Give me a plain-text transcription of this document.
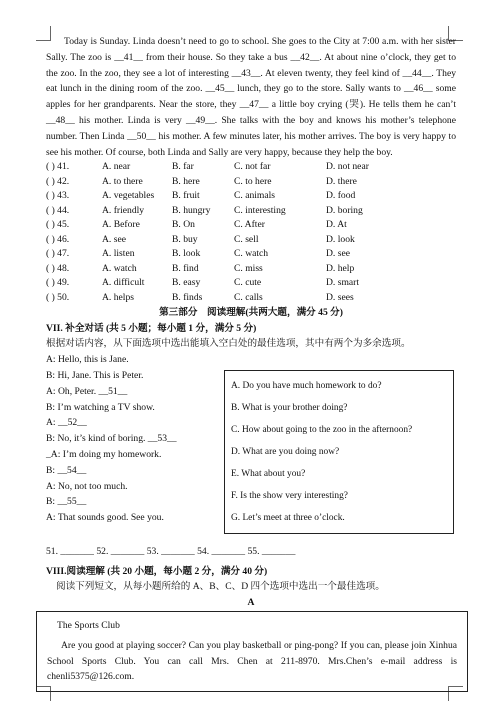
Today is Sunday. Linda doesn’t need to go to school. She goes to the City at 7:00 a.m. with her sister Sally. The zoo is __41__ from their house. So they take a bus __42__. At about nine o’clock, they get to the zoo. In the zoo, they see a lot of interesting __43__. At eleven twenty, they feel kind of __44__. They eat lunch in the dining room of the zoo. __45__ lunch, they go to the store. Sally wants to __46__ some apples for her grandparents. Near the store, they __47__ a little boy crying (哭). He tells them he can’t __48__ his mother. Linda is very __49__. She talks with the boy and knows his mother’s telephone number. Then Linda __50__ his mother. A few minutes later, his mother arrives. The boy is very happy to see his mother. Of course, both Linda and Sally are very happy, because they help the boy.

( ) 41.	A. near	B. far	C. not far	D. not near
( ) 42.	A. to there	B. here	C. to here	D. there
( ) 43.	A. vegetables	B. fruit	C. animals	D. food
( ) 44.	A. friendly	B. hungry	C. interesting	D. boring
( ) 45.	A. Before	B. On	C. After	D. At
( ) 46.	A. see	B. buy	C. sell	D. look
( ) 47.	A. listen	B. look	C. watch	D. see
( ) 48.	A. watch	B. find	C. miss	D. help
( ) 49.	A. difficult	B. easy	C. cute	D. smart
( ) 50.	A. helps	B. finds	C. calls	D. sees
第三部分　阅读理解(共两大题，满分 45 分)
VII. 补全对话 (共 5 小题；每小题 1 分，满分 5 分)
根据对话内容，从下面选项中选出能填入空白处的最佳选项，其中有两个为多余选项。
A: Hello, this is Jane.
B: Hi, Jane. This is Peter.
A: Oh, Peter. __51__
B: I’m watching a TV show.
A: __52__
B: No, it’s kind of boring. __53__
_A: I’m doing my homework.
B: __54__
A: No, not too much.
B: __55__
A: That sounds good. See you.
A. Do you have much homework to do?
B. What is your brother doing?
C. How about going to the zoo in the afternoon?
D. What are you doing now?
E. What about you?
F. Is the show very interesting?
G. Let’s meet at three o’clock.
51. _______ 52. _______ 53. _______ 54. _______ 55. _______
VIII.阅读理解 (共 20 小题，每小题 2 分，满分 40 分)
阅读下列短文，从每小题所给的 A、B、C、D 四个选项中选出一个最佳选项。
A
The Sports Club

Are you good at playing soccer? Can you play basketball or ping-pong? If you can, please join Xinhua School Sports Club. You can call Mrs. Chen at 211-8970. Mrs.Chen’s e-mail address is chenli5375@126.com.
